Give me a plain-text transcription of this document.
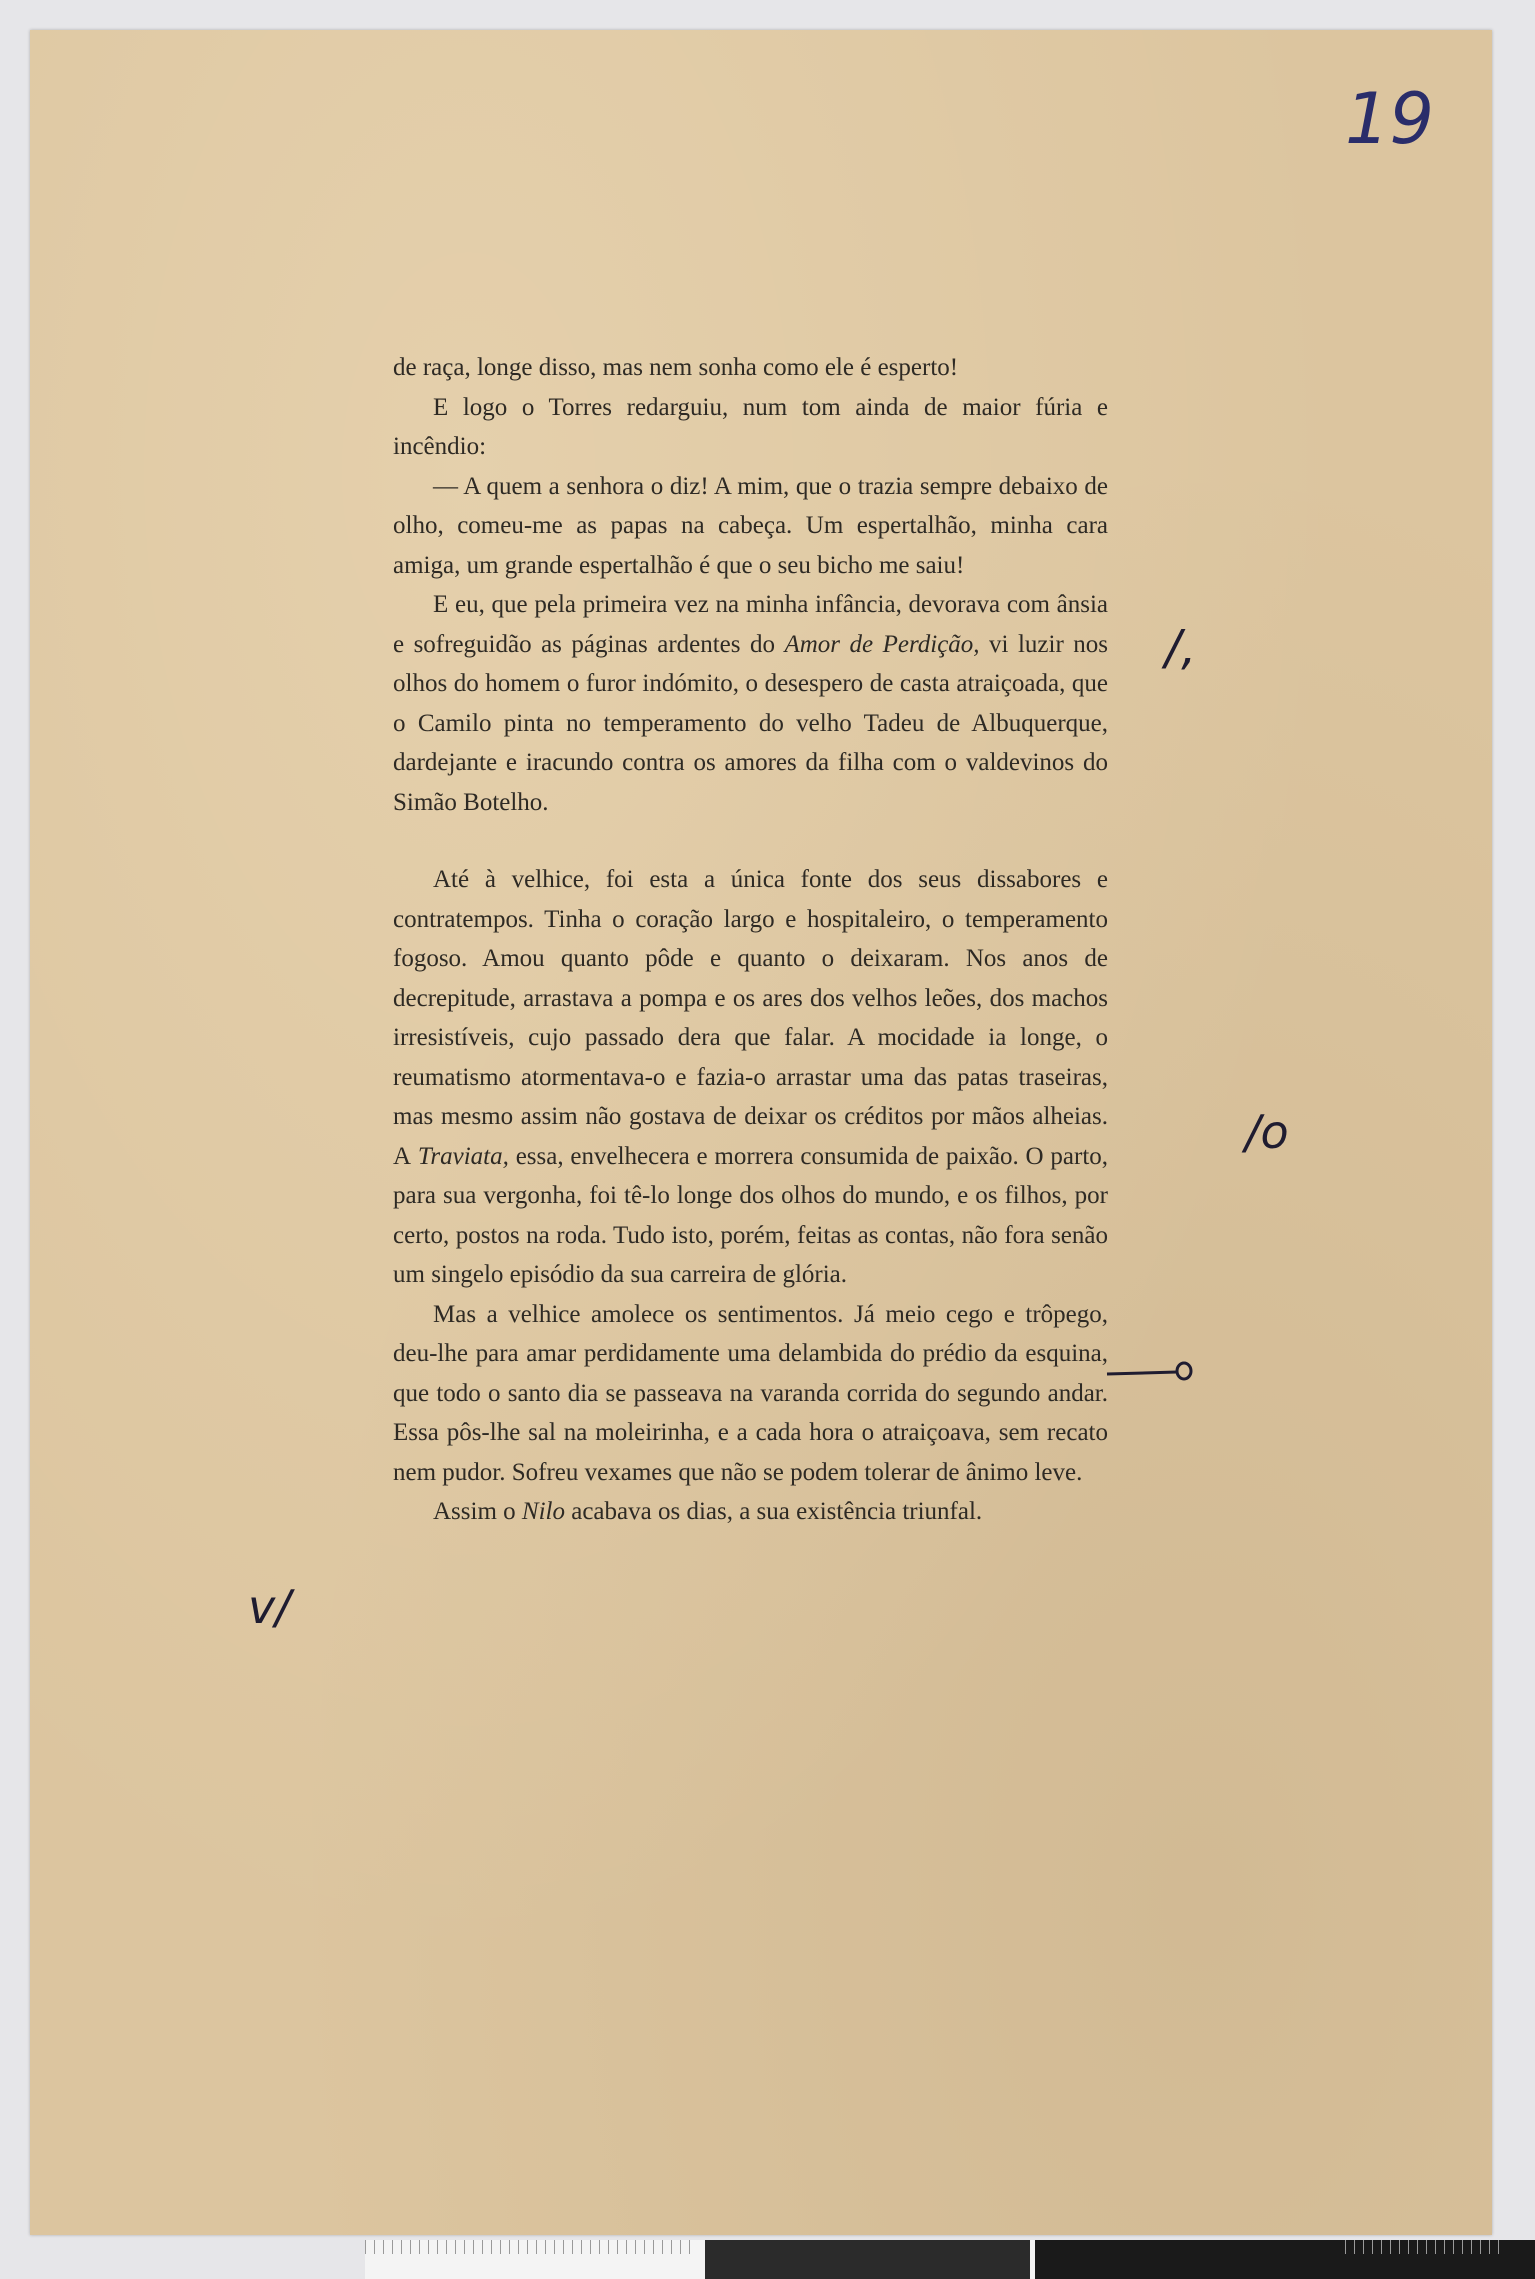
19

de raça, longe disso, mas nem sonha como ele é esperto!

E logo o Torres redarguiu, num tom ainda de maior fúria e incêndio:

— A quem a senhora o diz! A mim, que o trazia sempre debaixo de olho, comeu-me as papas na cabeça. Um espertalhão, minha cara amiga, um grande espertalhão é que o seu bicho me saiu!

E eu, que pela primeira vez na minha infância, devorava com ânsia e sofreguidão as páginas ardentes do Amor de Perdição, vi luzir nos olhos do homem o furor indómito, o desespero de casta atraiçoada, que o Camilo pinta no temperamento do velho Tadeu de Albuquerque, dardejante e iracundo contra os amores da filha com o valdevinos do Simão Botelho.

Até à velhice, foi esta a única fonte dos seus dissabores e contratempos. Tinha o coração largo e hospitaleiro, o temperamento fogoso. Amou quanto pôde e quanto o deixaram. Nos anos de decrepitude, arrastava a pompa e os ares dos velhos leões, dos machos irresistíveis, cujo passado dera que falar. A mocidade ia longe, o reumatismo atormentava-o e fazia-o arrastar uma das patas traseiras, mas mesmo assim não gostava de deixar os créditos por mãos alheias. A Traviata, essa, envelhecera e morrera consumida de paixão. O parto, para sua vergonha, foi tê-lo longe dos olhos do mundo, e os filhos, por certo, postos na roda. Tudo isto, porém, feitas as contas, não fora senão um singelo episódio da sua carreira de glória.

Mas a velhice amolece os sentimentos. Já meio cego e trôpego, deu-lhe para amar perdidamente uma delambida do prédio da esquina, que todo o santo dia se passeava na varanda corrida do segundo andar. Essa pôs-lhe sal na moleirinha, e a cada hora o atraiçoava, sem recato nem pudor. Sofreu vexames que não se podem tolerar de ânimo leve.

Assim o Nilo acabava os dias, a sua existência triunfal.

/,
/o
v/
